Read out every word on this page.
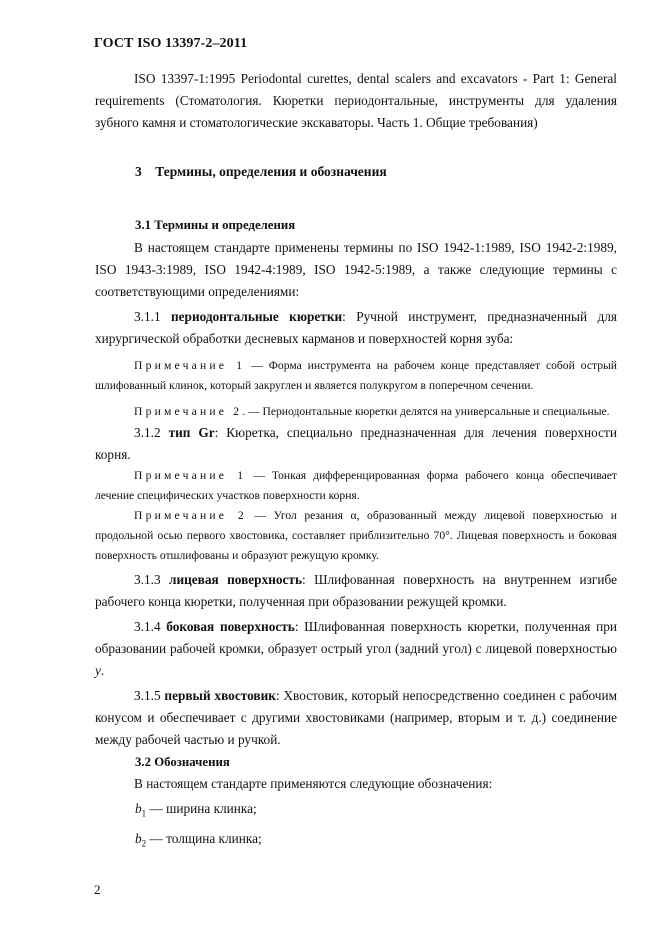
ГОСТ ISO 13397-2–2011

ISO 13397-1:1995 Periodontal curettes, dental scalers and excavators - Part 1: General requirements (Стоматология. Кюретки периодонтальные, инструменты для удаления зубного камня и стоматологические экскаваторы. Часть 1. Общие требования)

3 Термины, определения и обозначения

3.1 Термины и определения

В настоящем стандарте применены термины по ISO 1942-1:1989, ISO 1942-2:1989, ISO 1943-3:1989, ISO 1942-4:1989, ISO 1942-5:1989, а также следующие термины с соответствующими определениями:

3.1.1 периодонтальные кюретки: Ручной инструмент, предназначенный для хирургической обработки десневых карманов и поверхностей корня зуба:

Примечание 1 — Форма инструмента на рабочем конце представляет собой острый шлифованный клинок, который закруглен и является полукругом в поперечном сечении.

Примечание 2. — Периодонтальные кюретки делятся на универсальные и специальные.

3.1.2 тип Gr: Кюретка, специально предназначенная для лечения поверхности корня.

Примечание 1 — Тонкая дифференцированная форма рабочего конца обеспечивает лечение специфических участков поверхности корня.

Примечание 2 — Угол резания α, образованный между лицевой поверхностью и продольной осью первого хвостовика, составляет приблизительно 70°. Лицевая поверхность и боковая поверхность отшлифованы и образуют режущую кромку.

3.1.3 лицевая поверхность: Шлифованная поверхность на внутреннем изгибе рабочего конца кюретки, полученная при образовании режущей кромки.

3.1.4 боковая поверхность: Шлифованная поверхность кюретки, полученная при образовании рабочей кромки, образует острый угол (задний угол) с лицевой поверхностью y.

3.1.5 первый хвостовик: Хвостовик, который непосредственно соединен с рабочим конусом и обеспечивает с другими хвостовиками (например, вторым и т. д.) соединение между рабочей частью и ручкой.

3.2 Обозначения

В настоящем стандарте применяются следующие обозначения:

$b_1$ — ширина клинка;

$b_2$ — толщина клинка;

2
